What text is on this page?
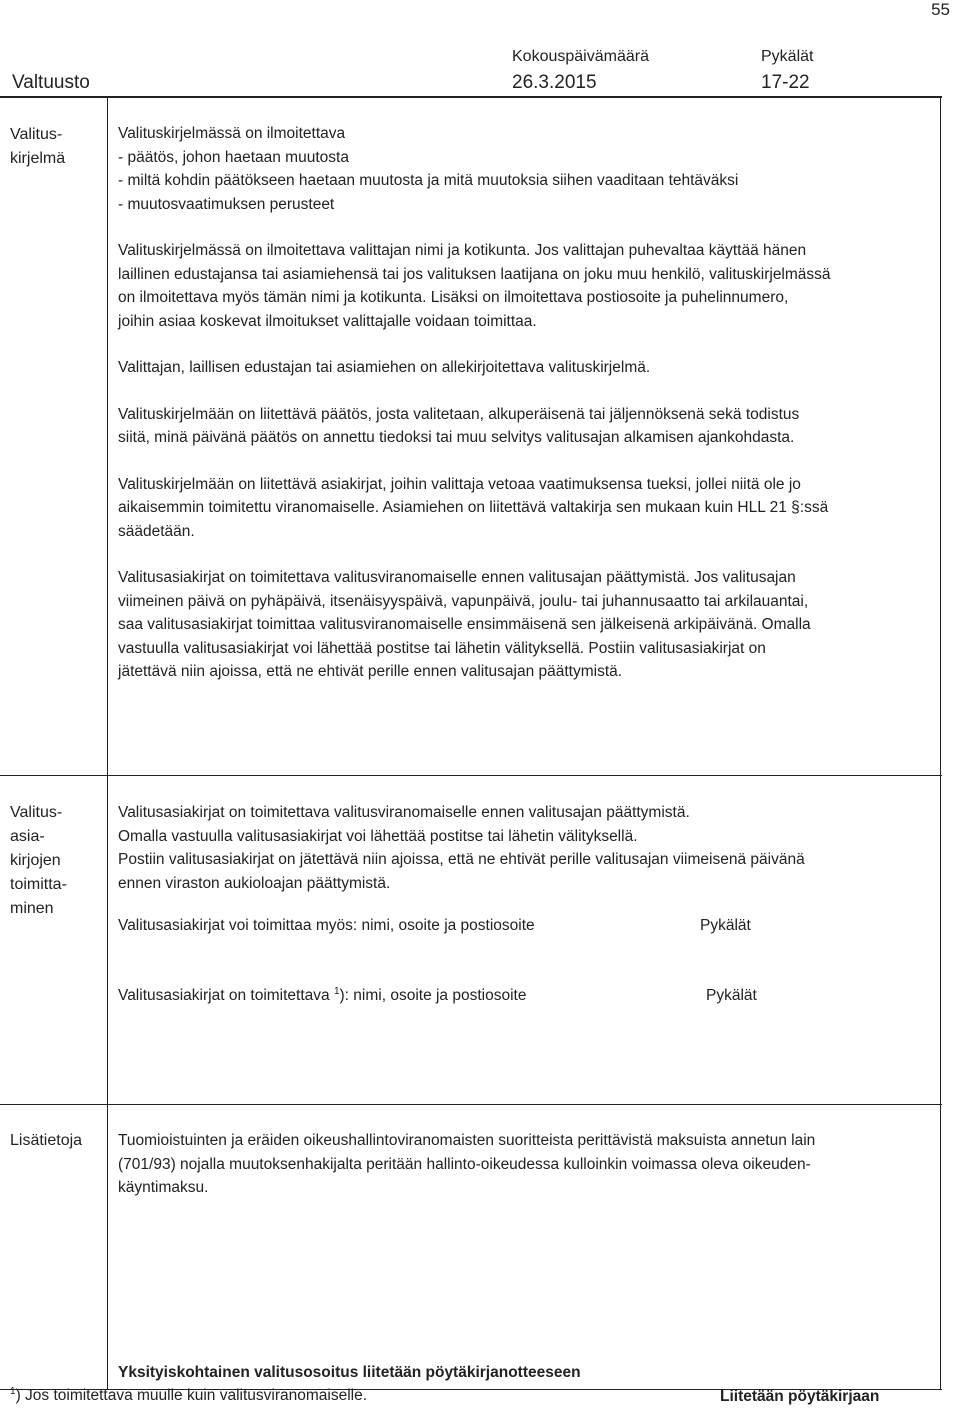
55
Kokouspäivämäärä	Pykälät
Valtuusto	26.3.2015	17-22
Valitus-
kirjelmä
Valituskirjelmässä on ilmoitettava
- päätös, johon haetaan muutosta
- miltä kohdin päätökseen haetaan muutosta ja mitä muutoksia siihen vaaditaan tehtäväksi
- muutosvaatimuksen perusteet
Valituskirjelmässä on ilmoitettava valittajan nimi ja kotikunta. Jos valittajan puhevaltaa käyttää hänen
laillinen edustajansa tai asiamiehensä tai jos valituksen laatijana on joku muu henkilö, valituskirjelmässä
on ilmoitettava myös tämän nimi ja kotikunta. Lisäksi on ilmoitettava postiosoite ja puhelinnumero,
joihin asiaa koskevat ilmoitukset valittajalle voidaan toimittaa.
Valittajan, laillisen edustajan tai asiamiehen on allekirjoitettava valituskirjelmä.
Valituskirjelmään on liitettävä päätös, josta valitetaan, alkuperäisenä tai jäljennöksenä sekä todistus
siitä, minä päivänä päätös on annettu tiedoksi tai muu selvitys valitusajan alkamisen ajankohdasta.
Valituskirjelmään on liitettävä asiakirjat, joihin valittaja vetoaa vaatimuksensa tueksi, jollei niitä ole jo
aikaisemmin toimitettu viranomaiselle. Asiamiehen on liitettävä valtakirja sen mukaan kuin HLL 21 §:ssä
säädetään.
Valitusasiakirjat on toimitettava valitusviranomaiselle ennen valitusajan päättymistä. Jos valitusajan
viimeinen päivä on pyhäpäivä, itsenäisyyspäivä, vapunpäivä, joulu- tai juhannusaatto tai arkilauantai,
saa valitusasiakirjat toimittaa valitusviranomaiselle ensimmäisenä sen jälkeisenä arkipäivänä. Omalla
vastuulla valitusasiakirjat voi lähettää postitse tai lähetin välityksellä. Postiin valitusasiakirjat on
jätettävä niin ajoissa, että ne ehtivät perille ennen valitusajan päättymistä.
Valitus-
asia-
kirjojen
toimitta-
minen
Valitusasiakirjat on toimitettava valitusviranomaiselle ennen valitusajan päättymistä.
Omalla vastuulla valitusasiakirjat voi lähettää postitse tai lähetin välityksellä.
Postiin valitusasiakirjat on jätettävä niin ajoissa, että ne ehtivät perille valitusajan viimeisenä päivänä
ennen viraston aukioloajan päättymistä.
Valitusasiakirjat voi toimittaa myös: nimi, osoite ja postiosoite	Pykälät
Valitusasiakirjat on toimitettava $^1$): nimi, osoite ja postiosoite	Pykälät
Lisätietoja	Tuomioistuinten ja eräiden oikeushallintoviranomaisten suoritteista perittävistä maksuista annetun lain
(701/93) nojalla muutoksenhakijalta peritään hallinto-oikeudessa kulloinkin voimassa oleva oikeuden-
käyntimaksu.
Yksityiskohtainen valitusosoitus liitetään pöytäkirjanotteeseen
$^1$) Jos toimitettava muulle kuin valitusviranomaiselle.	Liitetään pöytäkirjaan
